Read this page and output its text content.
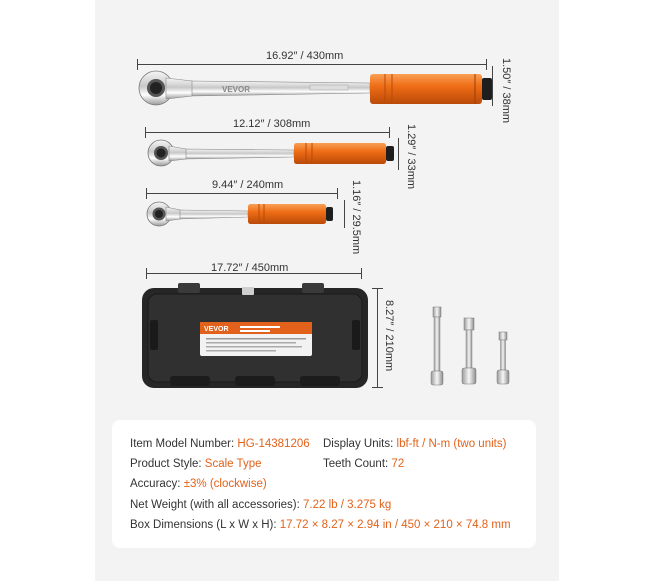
16.92″ / 430mm
VEVOR	1.50″ / 38mm
12.12″ / 308mm	1.29″ / 33mm
9.44″ / 240mm	1.16″ / 29.5mm
17.72″ / 450mm
VEVOR	8.27″ / 210mm
Item Model Number: HG-14381206 Display Units: lbf-ft / N-m (two units)
Product Style: Scale Type	Teeth Count: 72
Accuracy: ±3% (clockwise)
Net Weight (with all accessories): 7.22 lb / 3.275 kg
Box Dimensions (L x W x H): 17.72 × 8.27 × 2.94 in / 450 × 210 × 74.8 mm
